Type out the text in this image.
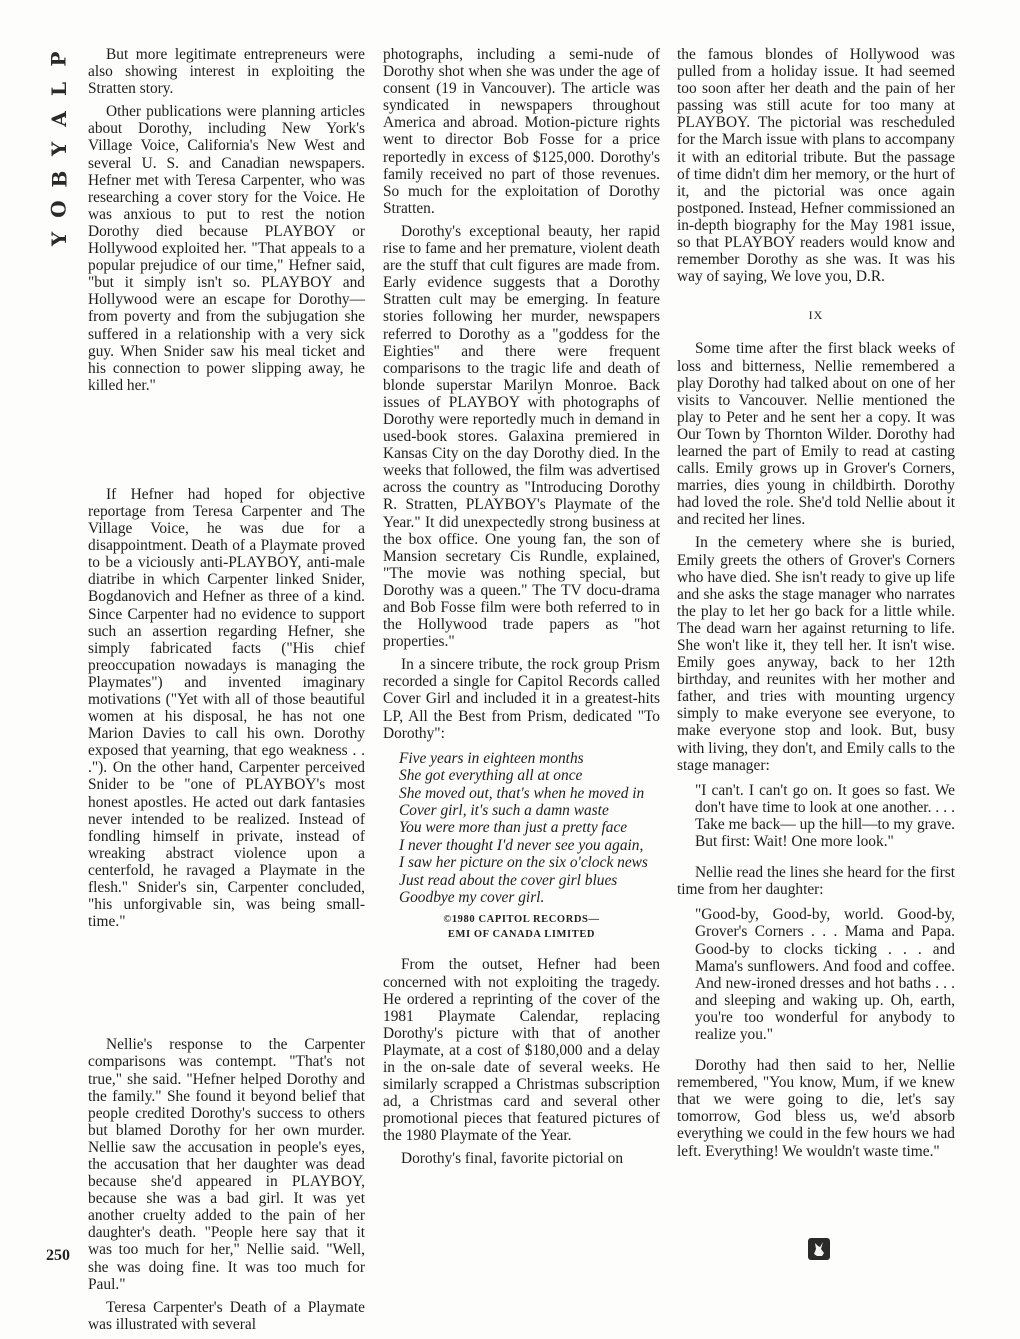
P
L
A
Y
B
O
Y

But more legitimate entrepreneurs were also showing interest in exploiting the Stratten story.

Other publications were planning articles about Dorothy, including New York's Village Voice, California's New West and several U. S. and Canadian newspapers. Hefner met with Teresa Carpenter, who was researching a cover story for the Voice. He was anxious to put to rest the notion Dorothy died because PLAYBOY or Hollywood exploited her. "That appeals to a popular prejudice of our time," Hefner said, "but it simply isn't so. PLAYBOY and Hollywood were an escape for Dorothy— from poverty and from the subjugation she suffered in a relationship with a very sick guy. When Snider saw his meal ticket and his connection to power slipping away, he killed her."

If Hefner had hoped for objective reportage from Teresa Carpenter and The Village Voice, he was due for a disappointment. Death of a Playmate proved to be a viciously anti-PLAYBOY, anti-male diatribe in which Carpenter linked Snider, Bogdanovich and Hefner as three of a kind. Since Carpenter had no evidence to support such an assertion regarding Hefner, she simply fabricated facts ("His chief preoccupation nowadays is managing the Playmates") and invented imaginary motivations ("Yet with all of those beautiful women at his disposal, he has not one Marion Davies to call his own. Dorothy exposed that yearning, that ego weakness . . ."). On the other hand, Carpenter perceived Snider to be "one of PLAYBOY's most honest apostles. He acted out dark fantasies never intended to be realized. Instead of fondling himself in private, instead of wreaking abstract violence upon a centerfold, he ravaged a Playmate in the flesh." Snider's sin, Carpenter concluded, "his unforgivable sin, was being small-time."

Nellie's response to the Carpenter comparisons was contempt. "That's not true," she said. "Hefner helped Dorothy and the family." She found it beyond belief that people credited Dorothy's success to others but blamed Dorothy for her own murder. Nellie saw the accusation in people's eyes, the accusation that her daughter was dead because she'd appeared in PLAYBOY, because she was a bad girl. It was yet another cruelty added to the pain of her daughter's death. "People here say that it was too much for her," Nellie said. "Well, she was doing fine. It was too much for Paul."

Teresa Carpenter's Death of a Playmate was illustrated with several

photographs, including a semi-nude of Dorothy shot when she was under the age of consent (19 in Vancouver). The article was syndicated in newspapers throughout America and abroad. Motion-picture rights went to director Bob Fosse for a price reportedly in excess of $125,000. Dorothy's family received no part of those revenues. So much for the exploitation of Dorothy Stratten.

Dorothy's exceptional beauty, her rapid rise to fame and her premature, violent death are the stuff that cult figures are made from. Early evidence suggests that a Dorothy Stratten cult may be emerging. In feature stories following her murder, newspapers referred to Dorothy as a "goddess for the Eighties" and there were frequent comparisons to the tragic life and death of blonde superstar Marilyn Monroe. Back issues of PLAYBOY with photographs of Dorothy were reportedly much in demand in used-book stores. Galaxina premiered in Kansas City on the day Dorothy died. In the weeks that followed, the film was advertised across the country as "Introducing Dorothy R. Stratten, PLAYBOY's Playmate of the Year." It did unexpectedly strong business at the box office. One young fan, the son of Mansion secretary Cis Rundle, explained, "The movie was nothing special, but Dorothy was a queen." The TV docu-drama and Bob Fosse film were both referred to in the Hollywood trade papers as "hot properties."

In a sincere tribute, the rock group Prism recorded a single for Capitol Records called Cover Girl and included it in a greatest-hits LP, All the Best from Prism, dedicated "To Dorothy":

Five years in eighteen months
She got everything all at once
She moved out, that's when he moved in
Cover girl, it's such a damn waste
You were more than just a pretty face
I never thought I'd never see you again,
I saw her picture on the six o'clock news
Just read about the cover girl blues
Goodbye my cover girl.
©1980 CAPITOL RECORDS—
EMI OF CANADA LIMITED

From the outset, Hefner had been concerned with not exploiting the tragedy. He ordered a reprinting of the cover of the 1981 Playmate Calendar, replacing Dorothy's picture with that of another Playmate, at a cost of $180,000 and a delay in the on-sale date of several weeks. He similarly scrapped a Christmas subscription ad, a Christmas card and several other promotional pieces that featured pictures of the 1980 Playmate of the Year.

Dorothy's final, favorite pictorial on

the famous blondes of Hollywood was pulled from a holiday issue. It had seemed too soon after her death and the pain of her passing was still acute for too many at PLAYBOY. The pictorial was rescheduled for the March issue with plans to accompany it with an editorial tribute. But the passage of time didn't dim her memory, or the hurt of it, and the pictorial was once again postponed. Instead, Hefner commissioned an in-depth biography for the May 1981 issue, so that PLAYBOY readers would know and remember Dorothy as she was. It was his way of saying, We love you, D.R.

IX

Some time after the first black weeks of loss and bitterness, Nellie remembered a play Dorothy had talked about on one of her visits to Vancouver. Nellie mentioned the play to Peter and he sent her a copy. It was Our Town by Thornton Wilder. Dorothy had learned the part of Emily to read at casting calls. Emily grows up in Grover's Corners, marries, dies young in childbirth. Dorothy had loved the role. She'd told Nellie about it and recited her lines.

In the cemetery where she is buried, Emily greets the others of Grover's Corners who have died. She isn't ready to give up life and she asks the stage manager who narrates the play to let her go back for a little while. The dead warn her against returning to life. She won't like it, they tell her. It isn't wise. Emily goes anyway, back to her 12th birthday, and reunites with her mother and father, and tries with mounting urgency simply to make everyone see everyone, to make everyone stop and look. But, busy with living, they don't, and Emily calls to the stage manager:

"I can't. I can't go on. It goes so fast. We don't have time to look at one another. . . . Take me back— up the hill—to my grave. But first: Wait! One more look."

Nellie read the lines she heard for the first time from her daughter:

"Good-by, Good-by, world. Good-by, Grover's Corners . . . Mama and Papa. Good-by to clocks ticking . . . and Mama's sunflowers. And food and coffee. And new-ironed dresses and hot baths . . . and sleeping and waking up. Oh, earth, you're too wonderful for anybody to realize you."

Dorothy had then said to her, Nellie remembered, "You know, Mum, if we knew that we were going to die, let's say tomorrow, God bless us, we'd absorb everything we could in the few hours we had left. Everything! We wouldn't waste time."

250
